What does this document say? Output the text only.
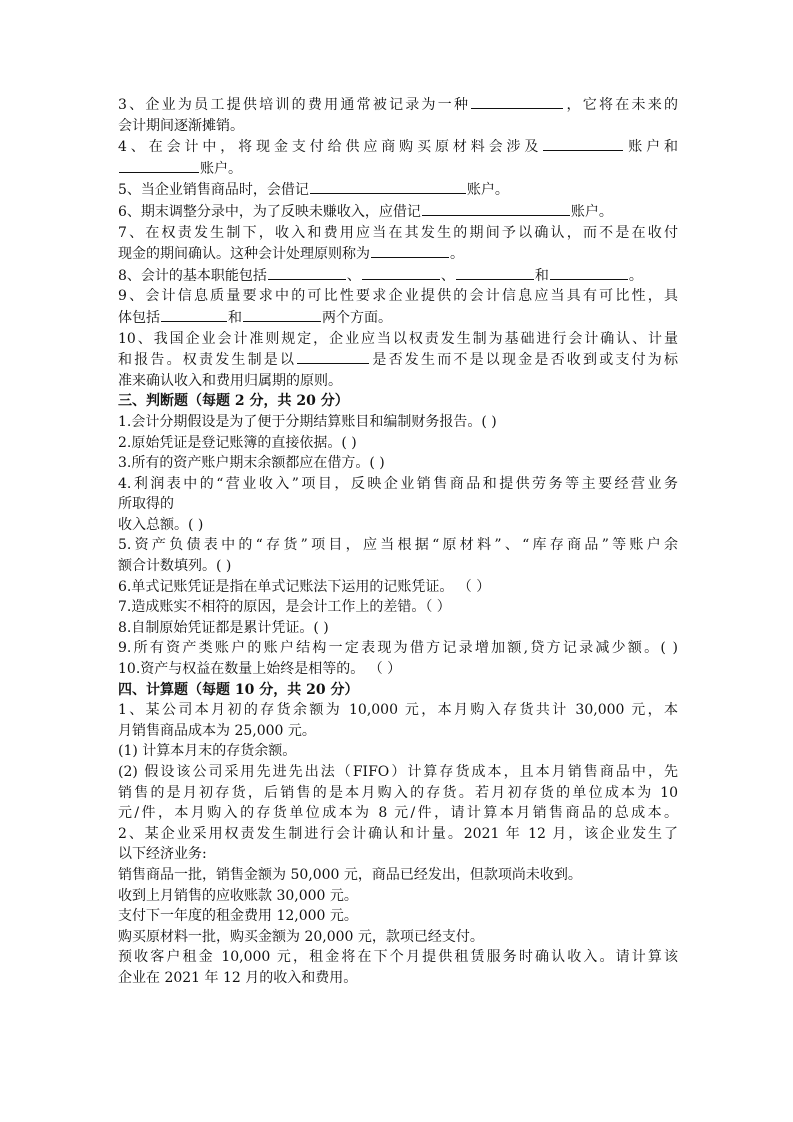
3、企业为员工提供培训的费用通常被记录为一种	，它将在未来的
会计期间逐渐摊销。
4、在会计中，将现金支付给供应商购买原材料会涉及	账户和
账户。
5、当企业销售商品时，会借记	账户。
6、期末调整分录中，为了反映未赚收入，应借记	账户。
7、在权责发生制下，收入和费用应当在其发生的期间予以确认，而不是在收付
现金的期间确认。这种会计处理原则称为	。
8、会计的基本职能包括	、	、	和	。
9、会计信息质量要求中的可比性要求企业提供的会计信息应当具有可比性，具
体包括	和	两个方面。
10、我国企业会计准则规定，企业应当以权责发生制为基础进行会计确认、计量
和报告。权责发生制是以	是否发生而不是以现金是否收到或支付为标
准来确认收入和费用归属期的原则。
三、判断题（每题 2 分，共 20 分）
1.会计分期假设是为了便于分期结算账目和编制财务报告。( )
2.原始凭证是登记账簿的直接依据。( )
3.所有的资产账户期末余额都应在借方。( )
4.利润表中的“营业收入”项目，反映企业销售商品和提供劳务等主要经营业务
所取得的
收入总额。( )
5.资产负债表中的“存货”项目，应当根据“原材料”、“库存商品”等账户余
额合计数填列。( )
6.单式记账凭证是指在单式记账法下运用的记账凭证。 （ ）
7.造成账实不相符的原因，是会计工作上的差错。（ ）
8.自制原始凭证都是累计凭证。( )
9.所有资产类账户的账户结构一定表现为借方记录增加额,贷方记录减少额。( )
10.资产与权益在数量上始终是相等的。 （ ）
四、计算题（每题 10 分，共 20 分）
1、某公司本月初的存货余额为 10,000 元，本月购入存货共计 30,000 元，本
月销售商品成本为 25,000 元。
(1) 计算本月末的存货余额。
(2) 假设该公司采用先进先出法（FIFO）计算存货成本，且本月销售商品中，先
销售的是月初存货，后销售的是本月购入的存货。若月初存货的单位成本为 10
元/件，本月购入的存货单位成本为 8 元/件，请计算本月销售商品的总成本。
2、某企业采用权责发生制进行会计确认和计量。2021 年 12 月，该企业发生了
以下经济业务:
销售商品一批，销售金额为 50,000 元，商品已经发出，但款项尚未收到。
收到上月销售的应收账款 30,000 元。
支付下一年度的租金费用 12,000 元。
购买原材料一批，购买金额为 20,000 元，款项已经支付。
预收客户租金 10,000 元，租金将在下个月提供租赁服务时确认收入。请计算该
企业在 2021 年 12 月的收入和费用。
